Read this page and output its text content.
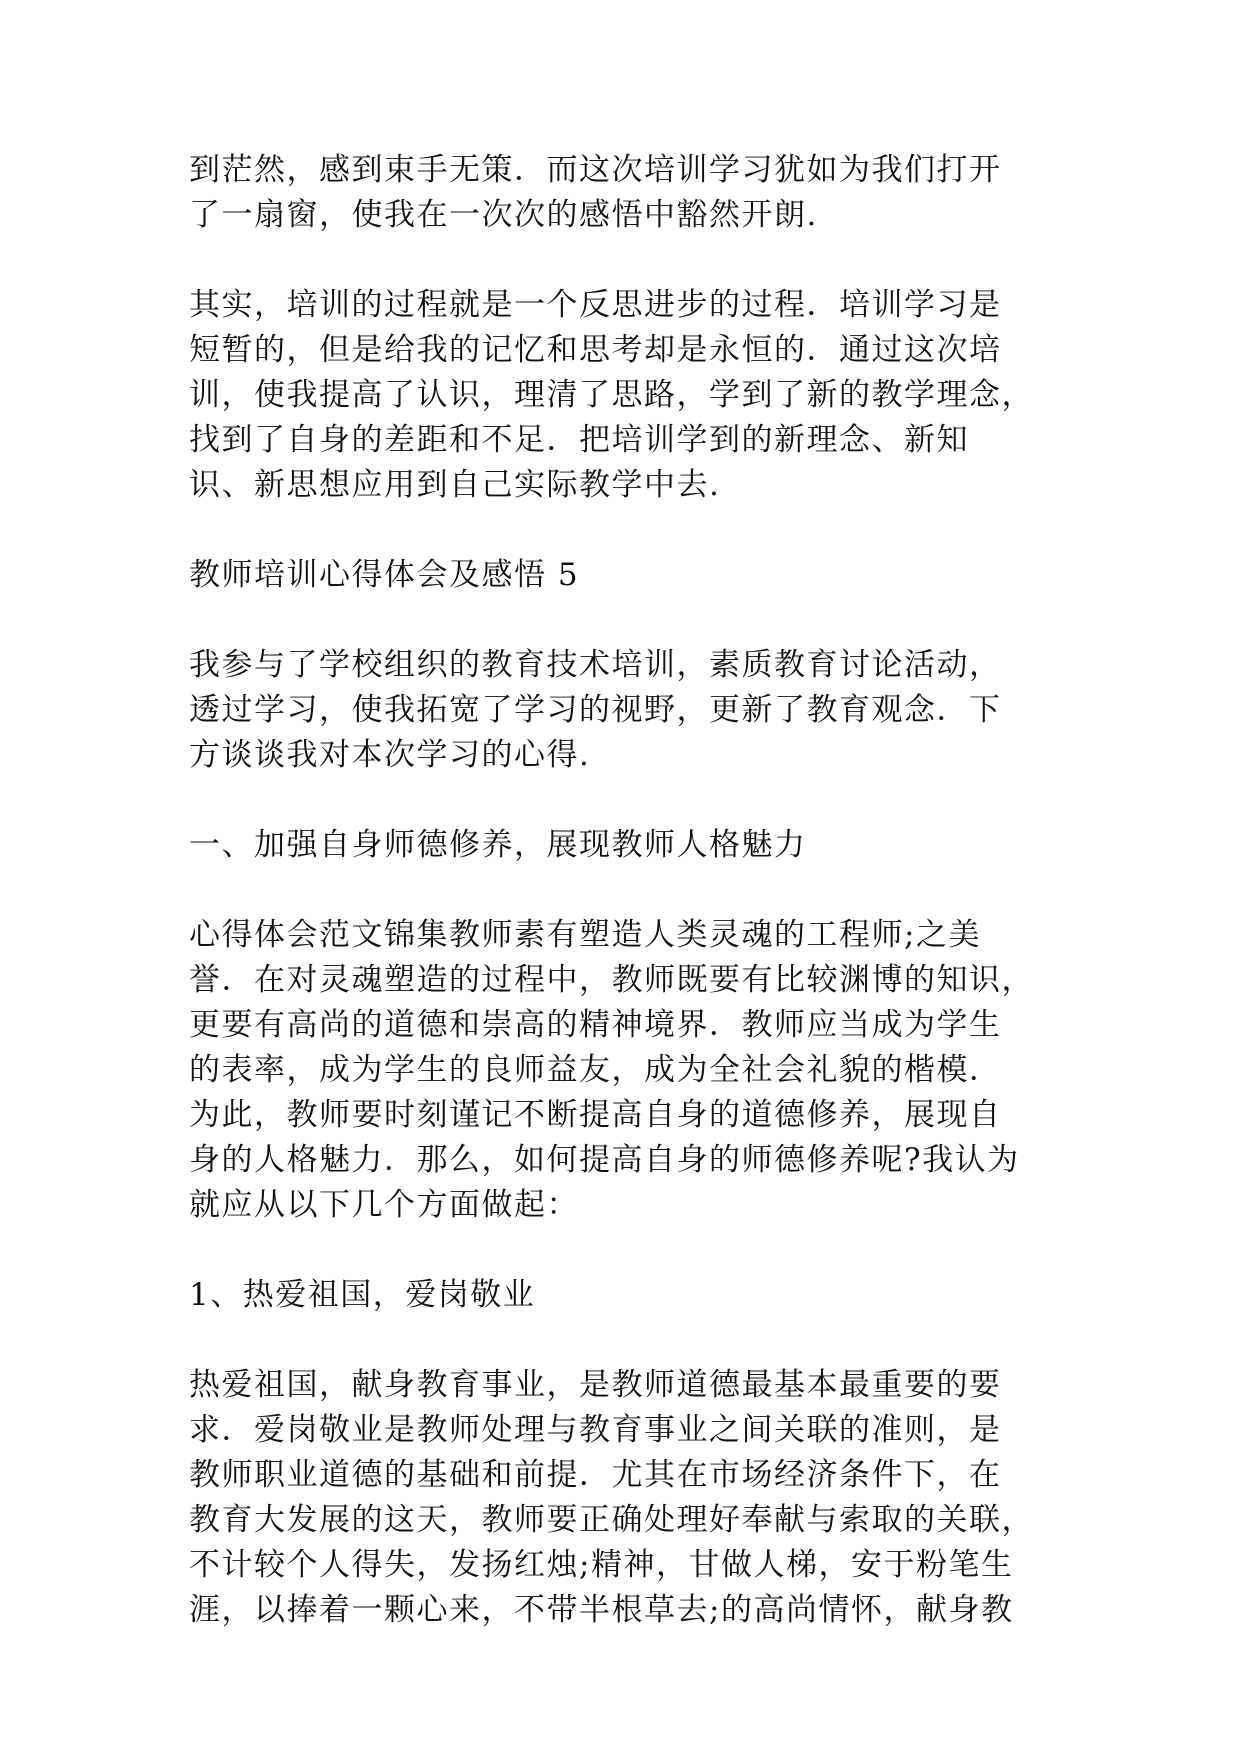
到茫然，感到束手无策．而这次培训学习犹如为我们打开
了一扇窗，使我在一次次的感悟中豁然开朗.

其实，培训的过程就是一个反思进步的过程．培训学习是
短暂的，但是给我的记忆和思考却是永恒的．通过这次培
训，使我提高了认识，理清了思路，学到了新的教学理念，
找到了自身的差距和不足．把培训学到的新理念、新知
识、新思想应用到自己实际教学中去.

教师培训心得体会及感悟 5

我参与了学校组织的教育技术培训，素质教育讨论活动，
透过学习，使我拓宽了学习的视野，更新了教育观念．下
方谈谈我对本次学习的心得.

一、加强自身师德修养，展现教师人格魅力

心得体会范文锦集教师素有塑造人类灵魂的工程师;之美
誉．在对灵魂塑造的过程中，教师既要有比较渊博的知识，
更要有高尚的道德和崇高的精神境界．教师应当成为学生
的表率，成为学生的良师益友，成为全社会礼貌的楷模．
为此，教师要时刻谨记不断提高自身的道德修养，展现自
身的人格魅力．那么，如何提高自身的师德修养呢?我认为
就应从以下几个方面做起：

1、热爱祖国，爱岗敬业

热爱祖国，献身教育事业，是教师道德最基本最重要的要
求．爱岗敬业是教师处理与教育事业之间关联的准则，是
教师职业道德的基础和前提．尤其在市场经济条件下，在
教育大发展的这天，教师要正确处理好奉献与索取的关联，
不计较个人得失，发扬红烛;精神，甘做人梯，安于粉笔生
涯，以捧着一颗心来，不带半根草去;的高尚情怀，献身教
